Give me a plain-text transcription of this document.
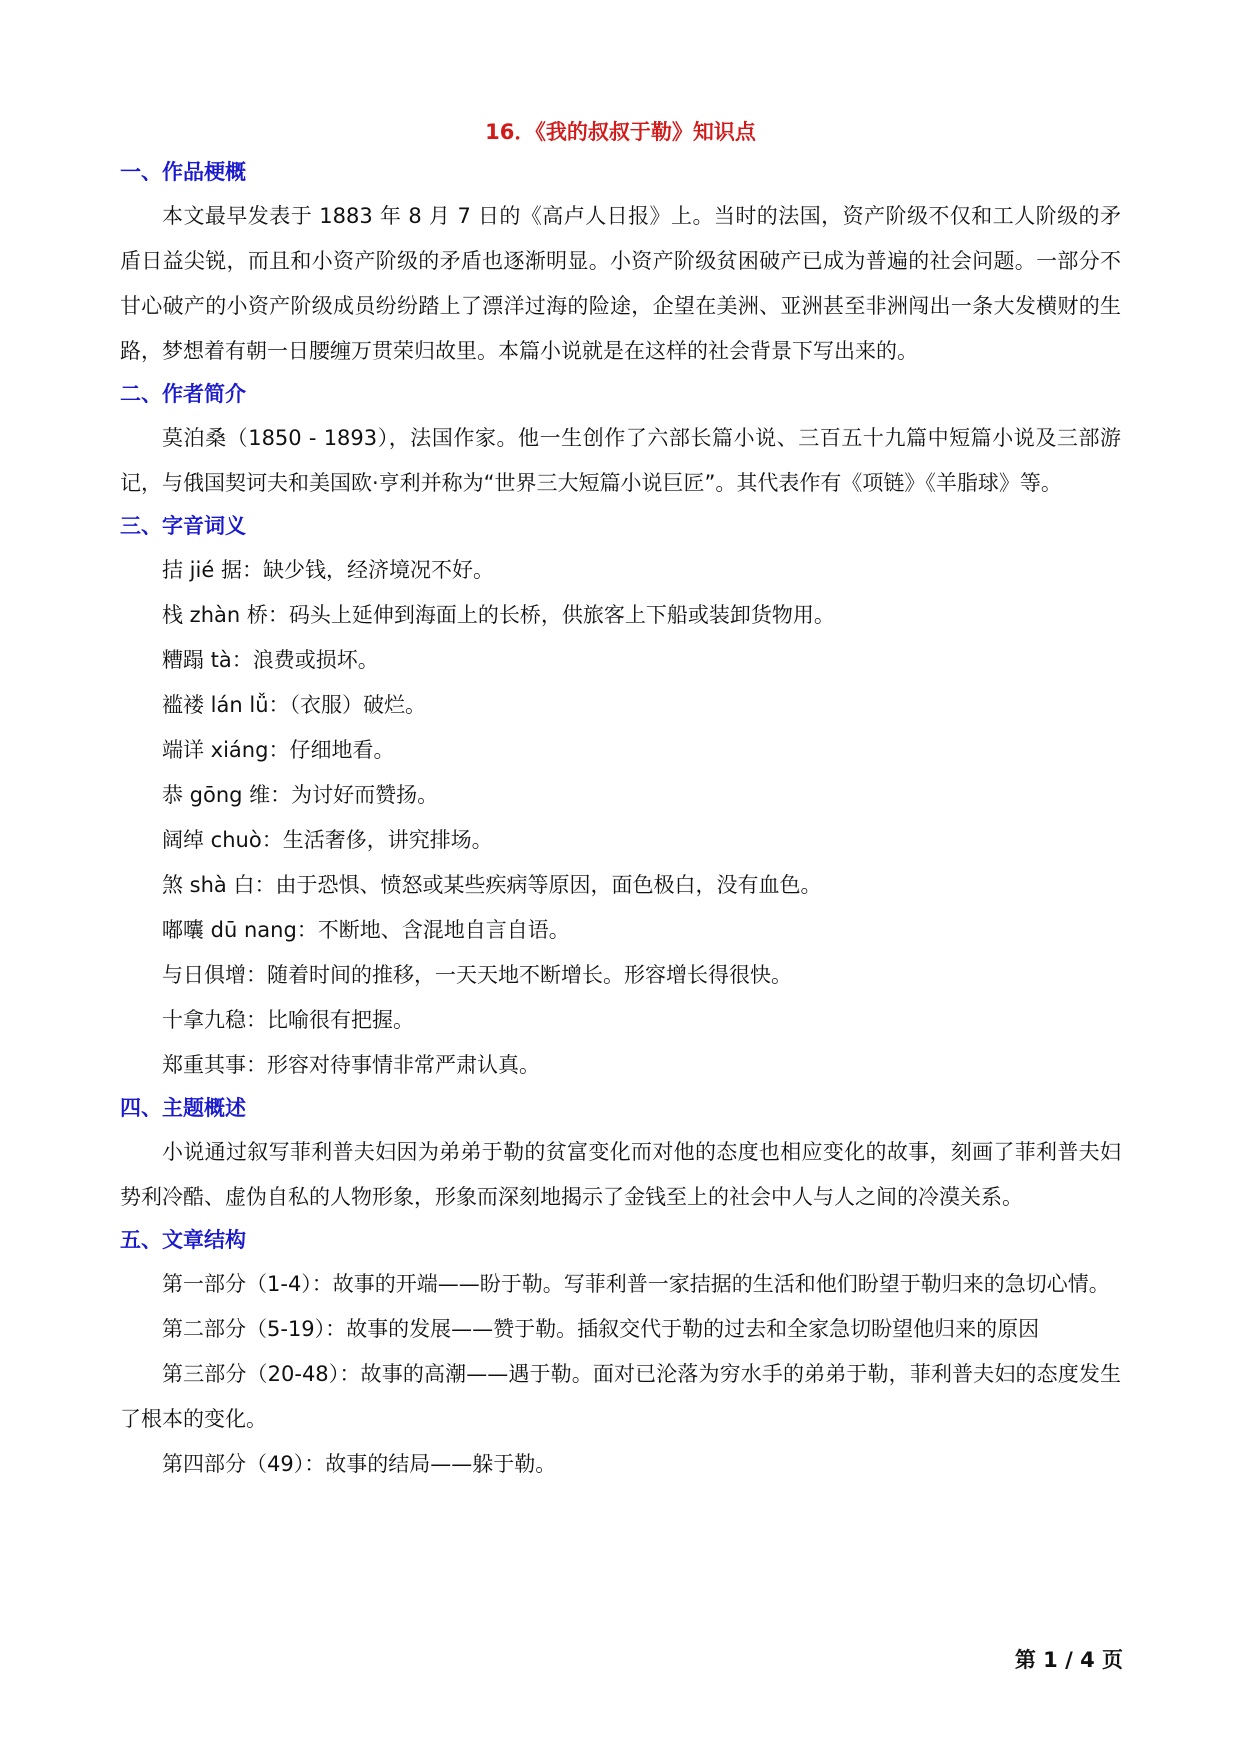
16．《我的叔叔于勒》知识点
一、作品梗概

本文最早发表于 1883 年 8 月 7 日的《高卢人日报》上。当时的法国，资产阶级不仅和工人阶级的矛盾日益尖锐，而且和小资产阶级的矛盾也逐渐明显。小资产阶级贫困破产已成为普遍的社会问题。一部分不甘心破产的小资产阶级成员纷纷踏上了漂洋过海的险途，企望在美洲、亚洲甚至非洲闯出一条大发横财的生路，梦想着有朝一日腰缠万贯荣归故里。本篇小说就是在这样的社会背景下写出来的。

二、作者简介

莫泊桑（1850 - 1893），法国作家。他一生创作了六部长篇小说、三百五十九篇中短篇小说及三部游记，与俄国契诃夫和美国欧·亨利并称为“世界三大短篇小说巨匠”。其代表作有《项链》《羊脂球》等。

三、字音词义

拮 jié 据：缺少钱，经济境况不好。

栈 zhàn 桥：码头上延伸到海面上的长桥，供旅客上下船或装卸货物用。

糟蹋 tà：浪费或损坏。

褴褛 lán lǚ：（衣服）破烂。

端详 xiáng：仔细地看。

恭 gōng 维：为讨好而赞扬。

阔绰 chuò：生活奢侈，讲究排场。

煞 shà 白：由于恐惧、愤怒或某些疾病等原因，面色极白，没有血色。

嘟囔 dū nang：不断地、含混地自言自语。

与日俱增：随着时间的推移，一天天地不断增长。形容增长得很快。

十拿九稳：比喻很有把握。

郑重其事：形容对待事情非常严肃认真。

四、主题概述

小说通过叙写菲利普夫妇因为弟弟于勒的贫富变化而对他的态度也相应变化的故事，刻画了菲利普夫妇势利冷酷、虚伪自私的人物形象，形象而深刻地揭示了金钱至上的社会中人与人之间的冷漠关系。

五、文章结构

第一部分（1-4）：故事的开端——盼于勒。写菲利普一家拮据的生活和他们盼望于勒归来的急切心情。

第二部分（5-19）：故事的发展——赞于勒。插叙交代于勒的过去和全家急切盼望他归来的原因

第三部分（20-48）：故事的高潮——遇于勒。面对已沦落为穷水手的弟弟于勒，菲利普夫妇的态度发生了根本的变化。

第四部分（49）：故事的结局——躲于勒。

第 1 / 4 页
